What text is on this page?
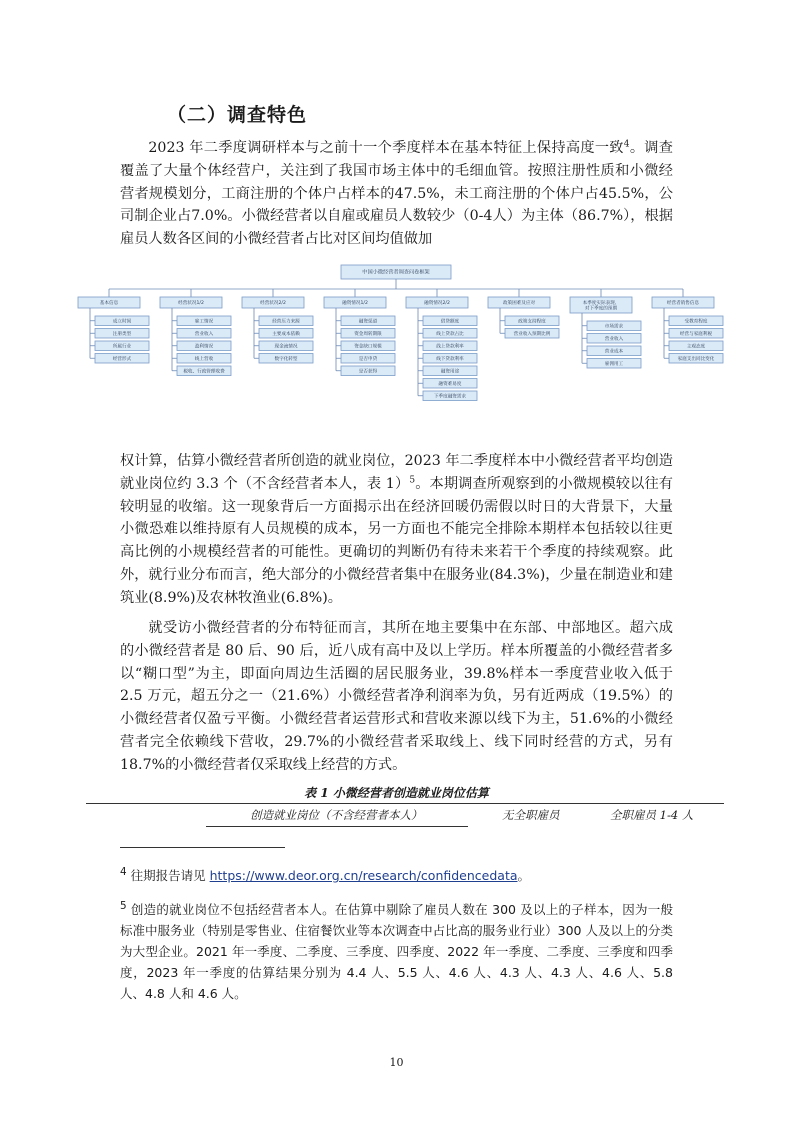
（二）调查特色

2023 年二季度调研样本与之前十一个季度样本在基本特征上保持高度一致$^4$。调查覆盖了大量个体经营户，关注到了我国市场主体中的毛细血管。按照注册性质和小微经营者规模划分，工商注册的个体户占样本的47.5%，未工商注册的个体户占45.5%，公司制企业占7.0%。小微经营者以自雇或雇员人数较少（0-4人）为主体（86.7%），根据雇员人数各区间的小微经营者占比对区间均值做加

中国小微经营者调查问卷框架
基本信息
成立时间
注册类型
所属行业
经营形式
经营状况1/2
雇工情况
营业收入
盈利情况
线上营收
税收、行政管理收费
经营状况2/2
经营压力来源
主要成本依赖
现金流情况
数字化转型
融资情况1/2
融资渠道
资金周转期限
资金缺口规模
是否申贷
是否获得
融资情况2/2
借贷额度
线上贷款占比
线上贷款利率
线下贷款利率
融资用途
融资难易度
下季度融资需求
政策困难及应对
政策支持程度
营业收入预期比例
本季度实际表现、对下季度的预期
市场需求
营业收入
营业成本
雇佣用工
经营者销售信息
受教育程度
经营与家庭利税
主观态度
家庭支出同比变化

权计算，估算小微经营者所创造的就业岗位，2023 年二季度样本中小微经营者平均创造就业岗位约 3.3 个（不含经营者本人，表 1）$^5$。本期调查所观察到的小微规模较以往有较明显的收缩。这一现象背后一方面揭示出在经济回暖仍需假以时日的大背景下，大量小微恐难以维持原有人员规模的成本，另一方面也不能完全排除本期样本包括较以往更高比例的小规模经营者的可能性。更确切的判断仍有待未来若干个季度的持续观察。此外，就行业分布而言，绝大部分的小微经营者集中在服务业(84.3%)，少量在制造业和建筑业(8.9%)及农林牧渔业(6.8%)。

就受访小微经营者的分布特征而言，其所在地主要集中在东部、中部地区。超六成的小微经营者是 80 后、90 后，近八成有高中及以上学历。样本所覆盖的小微经营者多以“糊口型”为主，即面向周边生活圈的居民服务业，39.8%样本一季度营业收入低于 2.5 万元，超五分之一（21.6%）小微经营者净利润率为负，另有近两成（19.5%）的小微经营者仅盈亏平衡。小微经营者运营形式和营收来源以线下为主，51.6%的小微经营者完全依赖线下营收，29.7%的小微经营者采取线上、线下同时经营的方式，另有 18.7%的小微经营者仅采取线上经营的方式。

表 1 小微经营者创造就业岗位估算

创造就业岗位（不含经营者本人）	无全职雇员	全职雇员 1-4 人

$^4$ 往期报告请见 https://www.deor.org.cn/research/confidencedata。

$^5$ 创造的就业岗位不包括经营者本人。在估算中剔除了雇员人数在 300 及以上的子样本，因为一般标准中服务业（特别是零售业、住宿餐饮业等本次调查中占比高的服务业行业）300 人及以上的分类为大型企业。2021 年一季度、二季度、三季度、四季度、2022 年一季度、二季度、三季度和四季度，2023 年一季度的估算结果分别为 4.4 人、5.5 人、4.6 人、4.3 人、4.3 人、4.6 人、5.8 人、4.8 人和 4.6 人。

10
